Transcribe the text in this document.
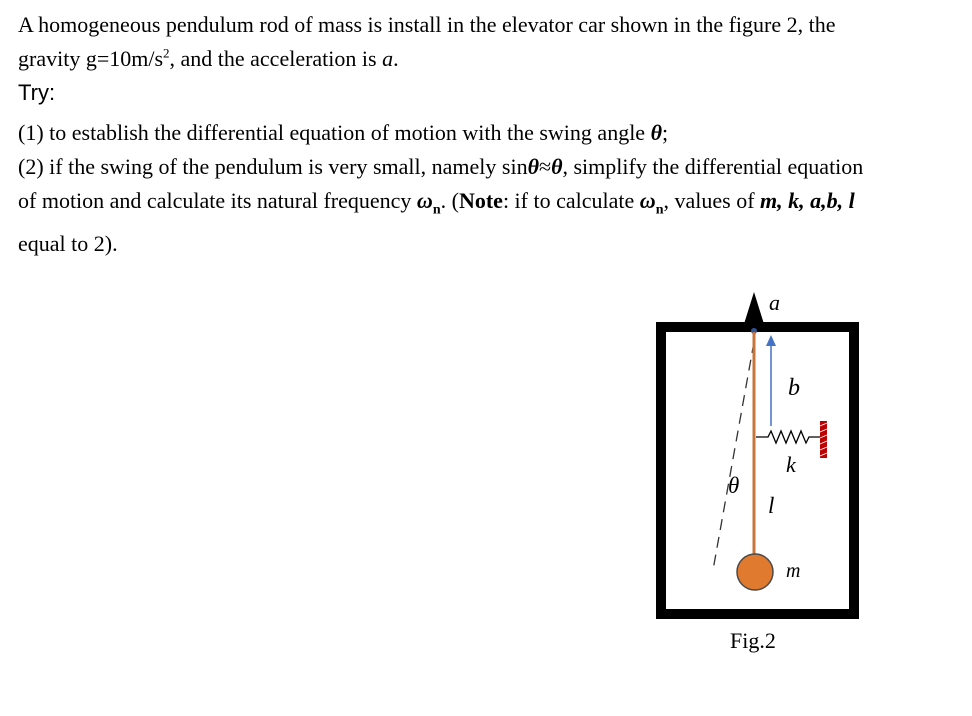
A homogeneous pendulum rod of mass is install in the elevator car shown in the figure 2, the
gravity $g=10m/s^2$, and the acceleration is a.
Try:
(1) to establish the differential equation of motion with the swing angle θ;
(2) if the swing of the pendulum is very small, namely sinθ≈θ, simplify the differential equation
of motion and calculate its natural frequency $\omega_n$. (Note: if to calculate $\omega_n$, values of m, k, a,b, l
equal to 2).
a
b
k
θ
l
m
Fig.2
